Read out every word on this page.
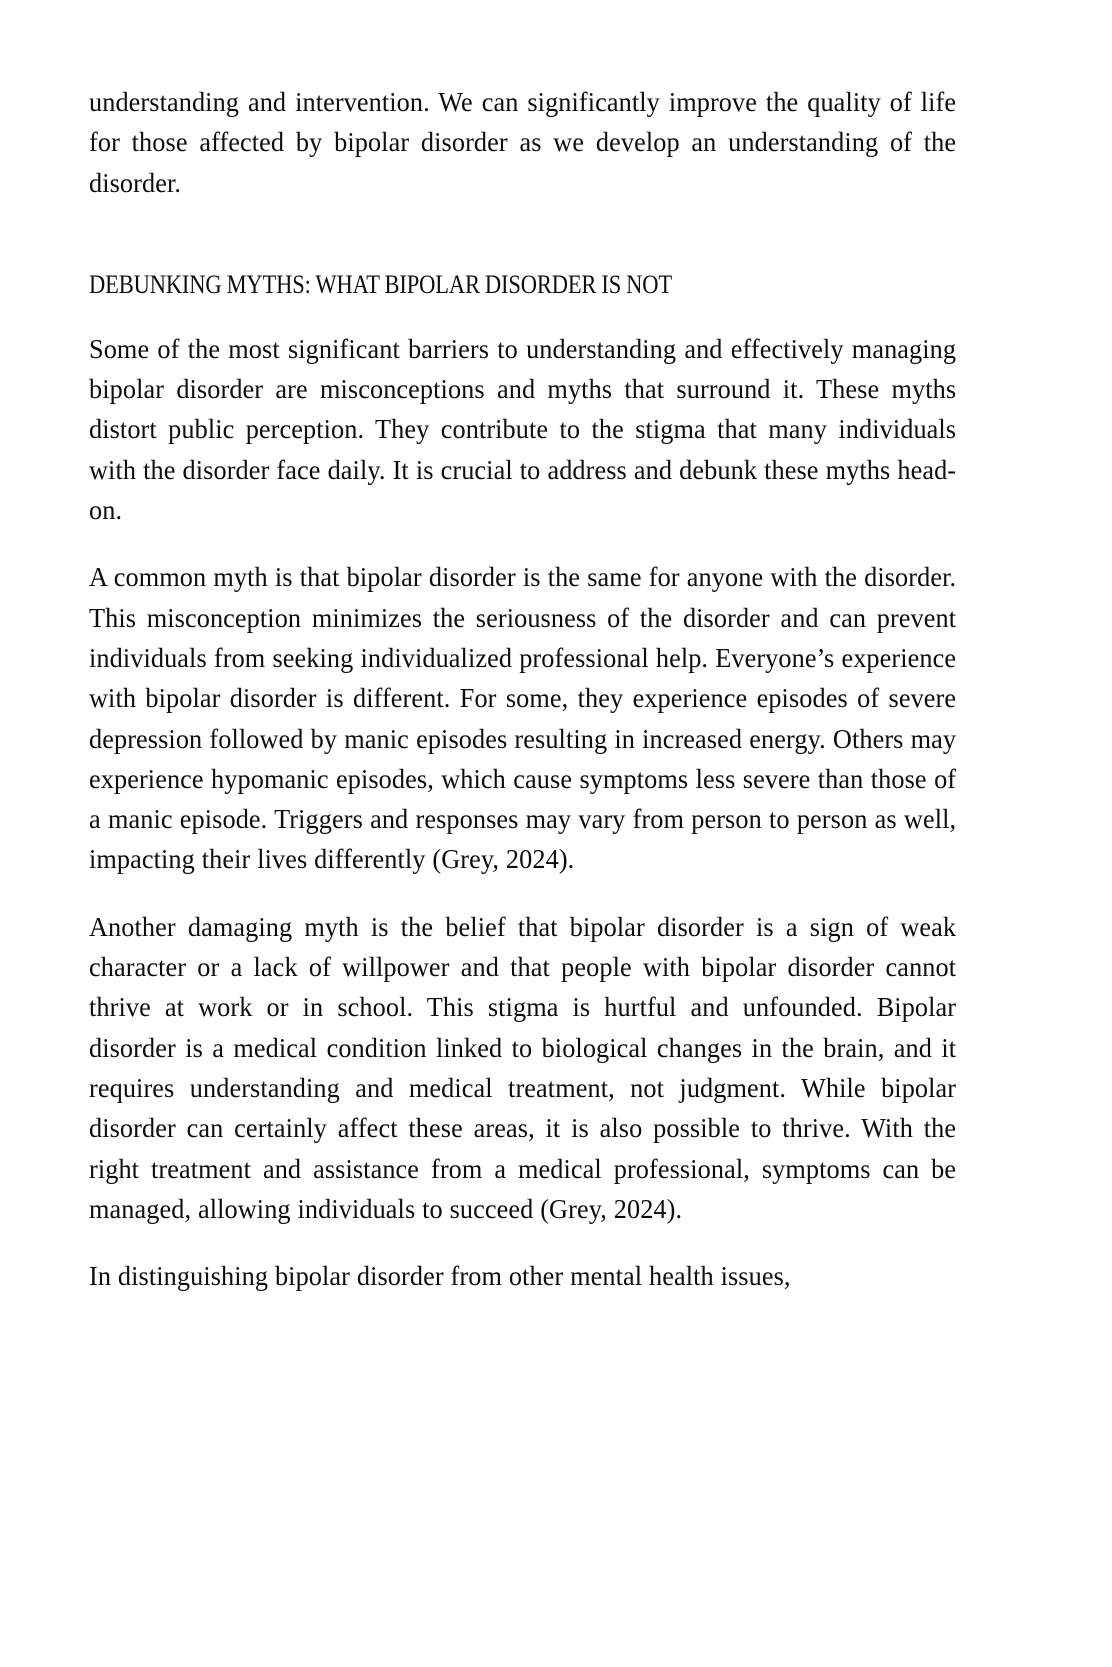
understanding and intervention. We can significantly improve the quality of life for those affected by bipolar disorder as we develop an understanding of the disorder.

DEBUNKING MYTHS: WHAT BIPOLAR DISORDER IS NOT

Some of the most significant barriers to understanding and effectively managing bipolar disorder are misconceptions and myths that surround it. These myths distort public perception. They contribute to the stigma that many individuals with the disorder face daily. It is crucial to address and debunk these myths head-on.

A common myth is that bipolar disorder is the same for anyone with the disorder. This misconception minimizes the seriousness of the disorder and can prevent individuals from seeking individualized professional help. Everyone’s experience with bipolar disorder is different. For some, they experience episodes of severe depression followed by manic episodes resulting in increased energy. Others may experience hypomanic episodes, which cause symptoms less severe than those of a manic episode. Triggers and responses may vary from person to person as well, impacting their lives differently (Grey, 2024).

Another damaging myth is the belief that bipolar disorder is a sign of weak character or a lack of willpower and that people with bipolar disorder cannot thrive at work or in school. This stigma is hurtful and unfounded. Bipolar disorder is a medical condition linked to biological changes in the brain, and it requires understanding and medical treatment, not judgment. While bipolar disorder can certainly affect these areas, it is also possible to thrive. With the right treatment and assistance from a medical professional, symptoms can be managed, allowing individuals to succeed (Grey, 2024).

In distinguishing bipolar disorder from other mental health issues,
